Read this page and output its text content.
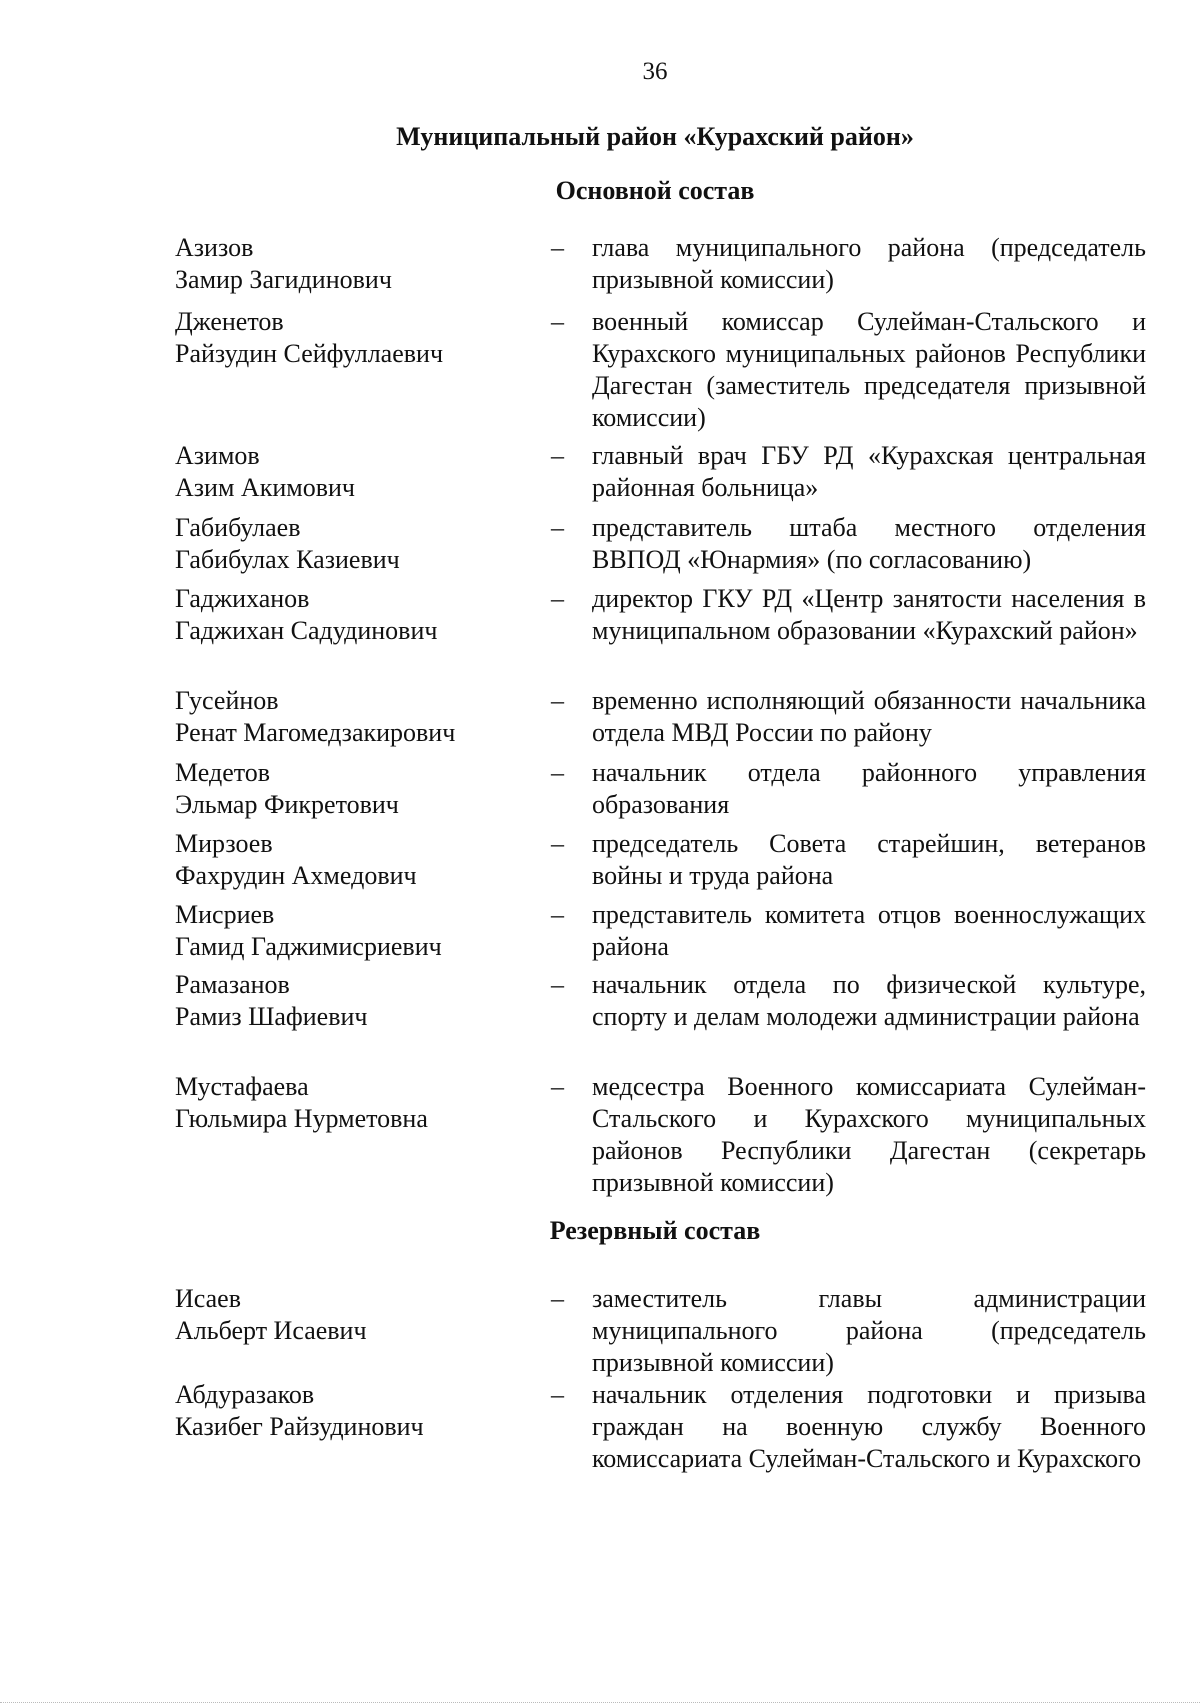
36
Муниципальный район «Курахский район»
Основной состав
Азизов
Замир Загидинович
– глава муниципального района (председатель призывной комиссии)
Дженетов
Райзудин Сейфуллаевич
– военный комиссар Сулейман-Стальского и Курахского муниципальных районов Республики Дагестан (заместитель председателя призывной комиссии)
Азимов
Азим Акимович
– главный врач ГБУ РД «Курахская центральная районная больница»
Габибулаев
Габибулах Казиевич
– представитель штаба местного отделения ВВПОД «Юнармия» (по согласованию)
Гаджиханов
Гаджихан Садудинович
– директор ГКУ РД «Центр занятости населения в муниципальном образовании «Курахский район»
Гусейнов
Ренат Магомедзакирович
– временно исполняющий обязанности начальника отдела МВД России по району
Медетов
Эльмар Фикретович
– начальник отдела районного управления образования
Мирзоев
Фахрудин Ахмедович
– председатель Совета старейшин, ветеранов войны и труда района
Мисриев
Гамид Гаджимисриевич
– представитель комитета отцов военнослужащих района
Рамазанов
Рамиз Шафиевич
– начальник отдела по физической культуре, спорту и делам молодежи администрации района
Мустафаева
Гюльмира Нурметовна
– медсестра Военного комиссариата Сулейман-Стальского и Курахского муниципальных районов Республики Дагестан (секретарь призывной комиссии)
Резервный состав
Исаев
Альберт Исаевич
– заместитель главы администрации муниципального района (председатель призывной комиссии)
Абдуразаков
Казибег Райзудинович
– начальник отделения подготовки и призыва граждан на военную службу Военного комиссариата Сулейман-Стальского и Курахского
